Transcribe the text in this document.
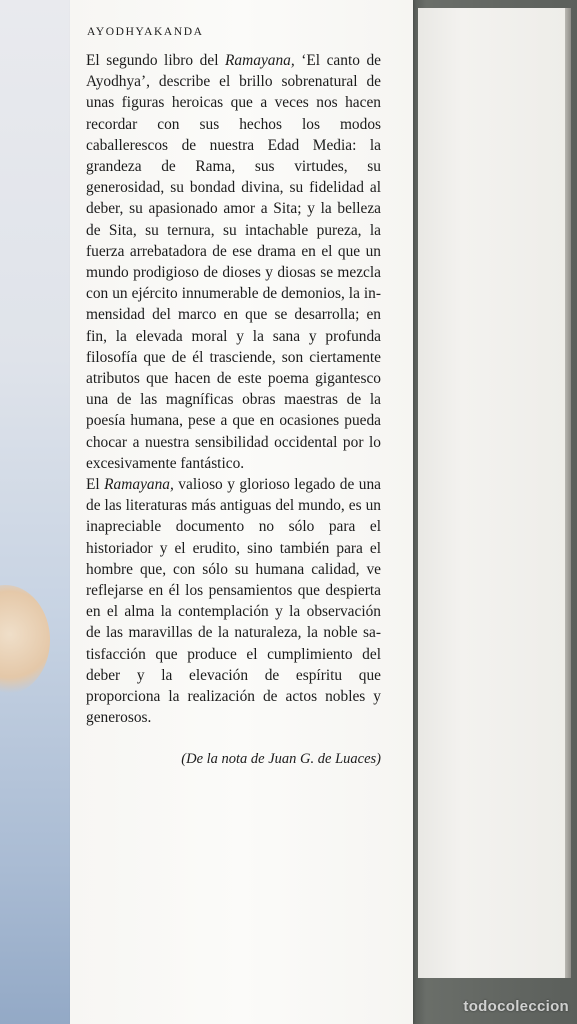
AYODHYAKANDA

El segundo libro del Ramayana, ‘El canto de Ayodhya’, describe el brillo sobrenatural de unas figuras heroicas que a veces nos hacen recordar con sus hechos los modos caballerescos de nuestra Edad Media: la grandeza de Rama, sus virtudes, su generosidad, su bondad divina, su fidelidad al deber, su apasionado amor a Sita; y la belleza de Sita, su ternura, su intachable pureza, la fuerza arrebatadora de ese drama en el que un mundo prodigioso de dioses y diosas se mezcla con un ejército innumerable de demonios, la inmensidad del marco en que se desarrolla; en fin, la elevada moral y la sana y profunda filosofía que de él trasciende, son ciertamente atributos que hacen de este poema gigantesco una de las magníficas obras maestras de la poesía humana, pese a que en ocasiones pueda chocar a nuestra sensibilidad occidental por lo excesivamente fantástico.

El Ramayana, valioso y glorioso legado de una de las literaturas más antiguas del mundo, es un inapreciable documento no sólo para el historiador y el erudito, sino también para el hombre que, con sólo su humana calidad, ve reflejarse en él los pensamientos que despierta en el alma la contemplación y la observación de las maravillas de la naturaleza, la noble satisfacción que produce el cumplimiento del deber y la elevación de espíritu que proporciona la realización de actos nobles y generosos.

(De la nota de Juan G. de Luaces)
todocoleccion
